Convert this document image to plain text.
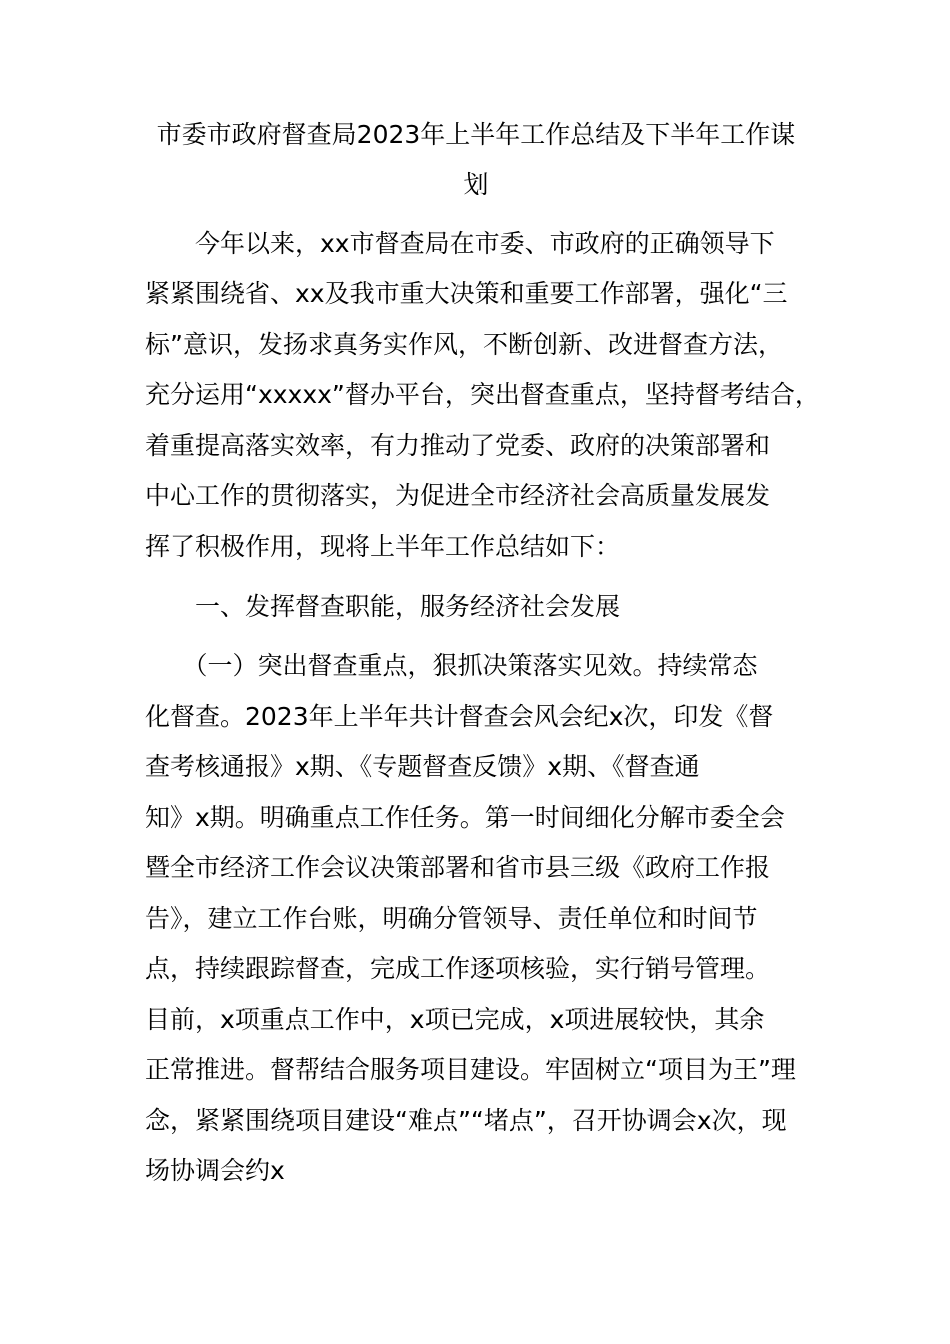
市委市政府督查局2023年上半年工作总结及下半年工作谋
划

　　今年以来，xx市督查局在市委、市政府的正确领导下

紧紧围绕省、xx及我市重大决策和重要工作部署，强化“三

标”意识，发扬求真务实作风，不断创新、改进督查方法，

充分运用“xxxxx”督办平台，突出督查重点，坚持督考结合，

着重提高落实效率，有力推动了党委、政府的决策部署和

中心工作的贯彻落实，为促进全市经济社会高质量发展发

挥了积极作用，现将上半年工作总结如下：

　　一、发挥督查职能，服务经济社会发展

　　（一）突出督查重点，狠抓决策落实见效。持续常态

化督查。2023年上半年共计督查会风会纪x次，印发《督

查考核通报》x期、《专题督查反馈》x期、《督查通

知》x期。明确重点工作任务。第一时间细化分解市委全会

暨全市经济工作会议决策部署和省市县三级《政府工作报

告》，建立工作台账，明确分管领导、责任单位和时间节

点，持续跟踪督查，完成工作逐项核验，实行销号管理。

目前，x项重点工作中，x项已完成，x项进展较快，其余

正常推进。督帮结合服务项目建设。牢固树立“项目为王”理

念，紧紧围绕项目建设“难点”“堵点”，召开协调会x次，现

场协调会约x
